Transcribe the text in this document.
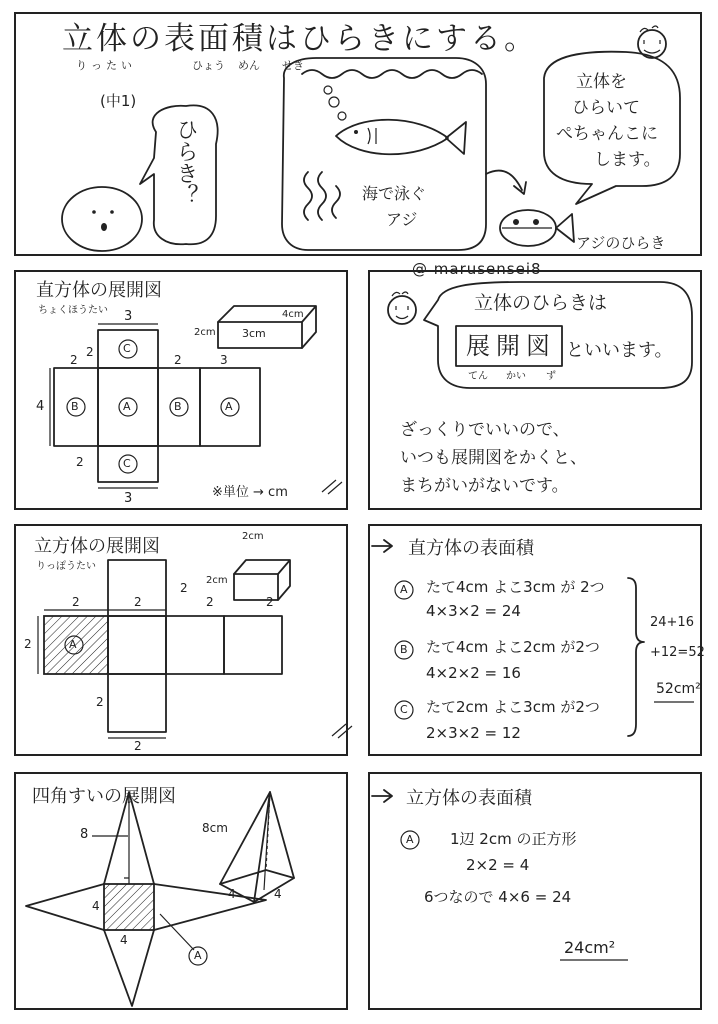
立体の表面積はひらきにする。
りったい	ひょう めん せき
(中1)
ひらき？	海で泳ぐ
アジ
立体を
ひらいて
ぺちゃんこに
します。
アジのひらき
@ marusensei8
直方体の展開図
ちょくほうたい
C
B	A	B	A
C
3
4
2
2	2	3
2
3
3cm
4cm
2cm
※単位 → cm
立体のひらきは
展開図 といいます。
てん かい ず
ざっくりでいいので、
いつも展開図をかくと、
まちがいがないです。
立方体の展開図
りっぽうたい
A
2	2
2
2	2
2
2
2
2cm
2cm
直方体の表面積
A たて4cm よこ3cm が 2つ
4×3×2 = 24
B たて4cm よこ2cm が2つ
4×2×2 = 16
C たて2cm よこ3cm が2つ
2×3×2 = 12
24+16
+12=52
52cm²
四角すいの展開図
8	8cm
4
4
4	4
A
立方体の表面積
A 1辺 2cm の正方形
2×2 = 4
6つなので 4×6 = 24
24cm²
